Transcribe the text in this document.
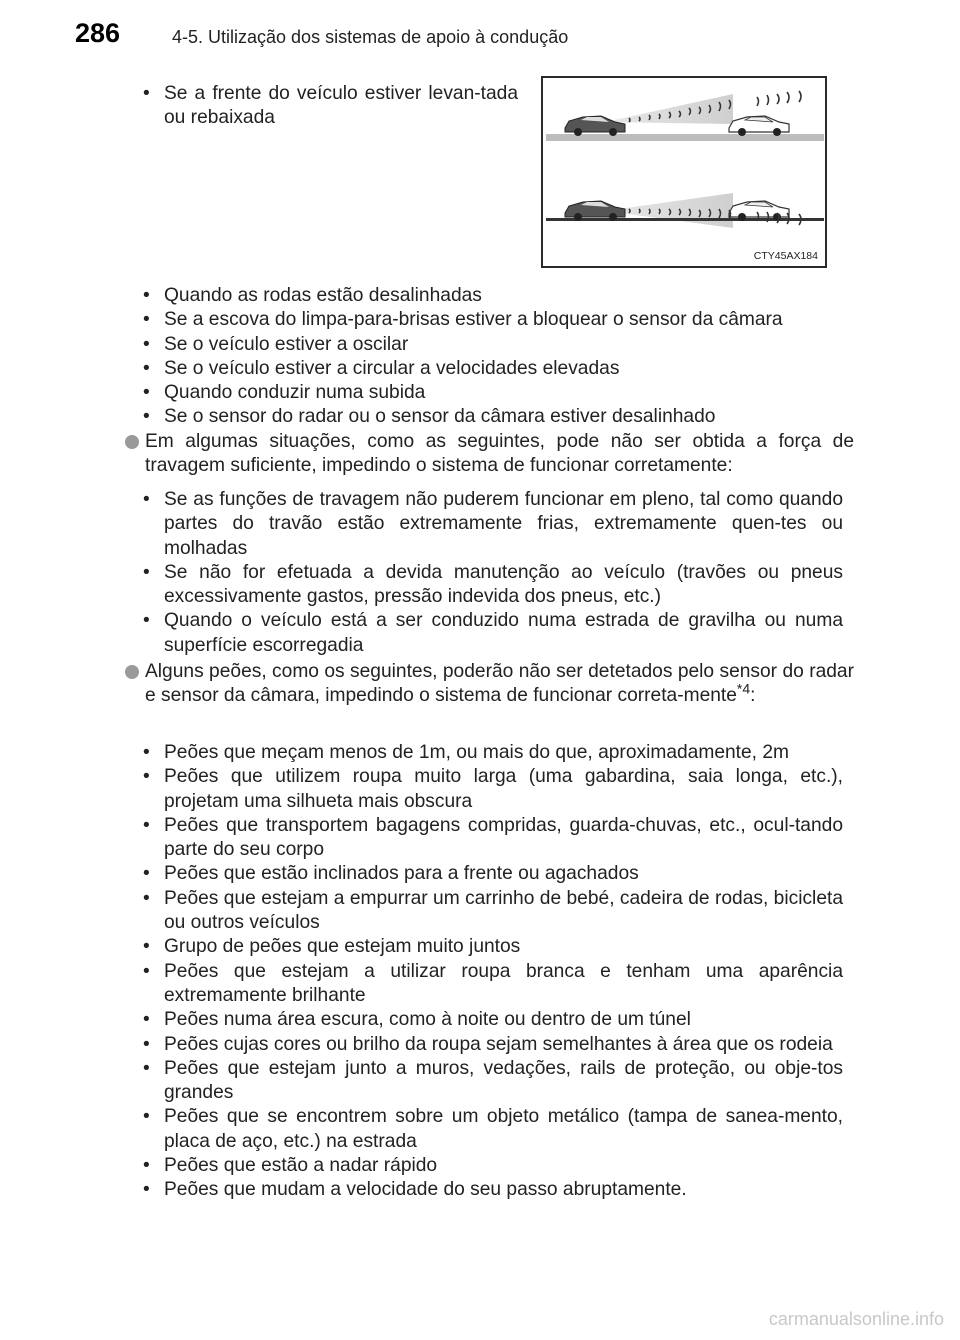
286	4-5. Utilização dos sistemas de apoio à condução
• Se a frente do veículo estiver levan-tada ou rebaixada
CTY45AX184
• Quando as rodas estão desalinhadas
• Se a escova do limpa-para-brisas estiver a bloquear o sensor da câmara
• Se o veículo estiver a oscilar
• Se o veículo estiver a circular a velocidades elevadas
• Quando conduzir numa subida
• Se o sensor do radar ou o sensor da câmara estiver desalinhado
Em algumas situações, como as seguintes, pode não ser obtida a força de travagem suficiente, impedindo o sistema de funcionar corretamente:
• Se as funções de travagem não puderem funcionar em pleno, tal como quando partes do travão estão extremamente frias, extremamente quen-tes ou molhadas
• Se não for efetuada a devida manutenção ao veículo (travões ou pneus excessivamente gastos, pressão indevida dos pneus, etc.)
• Quando o veículo está a ser conduzido numa estrada de gravilha ou numa superfície escorregadia
Alguns peões, como os seguintes, poderão não ser detetados pelo sensor do radar e sensor da câmara, impedindo o sistema de funcionar correta-mente$^{*4}$:
• Peões que meçam menos de 1m, ou mais do que, aproximadamente, 2m
• Peões que utilizem roupa muito larga (uma gabardina, saia longa, etc.), projetam uma silhueta mais obscura
• Peões que transportem bagagens compridas, guarda-chuvas, etc., ocul-tando parte do seu corpo
• Peões que estão inclinados para a frente ou agachados
• Peões que estejam a empurrar um carrinho de bebé, cadeira de rodas, bicicleta ou outros veículos
• Grupo de peões que estejam muito juntos
• Peões que estejam a utilizar roupa branca e tenham uma aparência extremamente brilhante
• Peões numa área escura, como à noite ou dentro de um túnel
• Peões cujas cores ou brilho da roupa sejam semelhantes à área que os rodeia
• Peões que estejam junto a muros, vedações, rails de proteção, ou obje-tos grandes
• Peões que se encontrem sobre um objeto metálico (tampa de sanea-mento, placa de aço, etc.) na estrada
• Peões que estão a nadar rápido
• Peões que mudam a velocidade do seu passo abruptamente.
carmanualsonline.info
